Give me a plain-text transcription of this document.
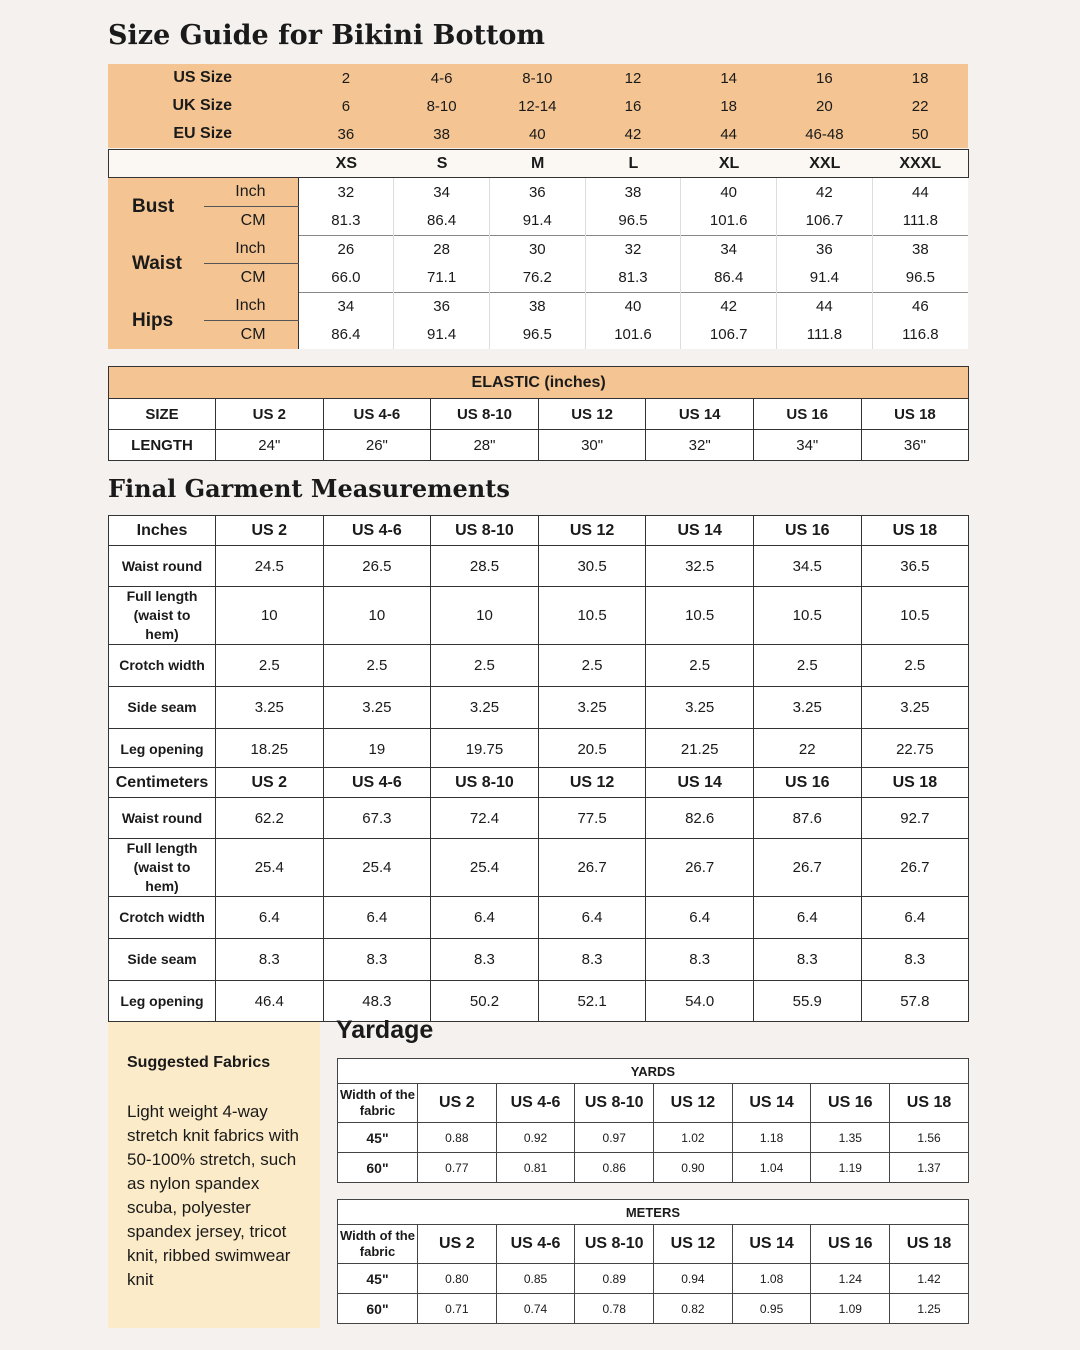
Size Guide for Bikini Bottom
US Size	2	4-6	8-10	12	14	16	18
UK Size	6	8-10	12-14	16	18	20	22
EU Size	36	38	40	42	44	46-48	50
	XS	S	M	L	XL	XXL	XXXL
Bust	Inch	32	34	36	38	40	42	44
	CM	81.3	86.4	91.4	96.5	101.6	106.7	111.8
Waist	Inch	26	28	30	32	34	36	38
	CM	66.0	71.1	76.2	81.3	86.4	91.4	96.5
Hips	Inch	34	36	38	40	42	44	46
	CM	86.4	91.4	96.5	101.6	106.7	111.8	116.8
ELASTIC (inches)							
SIZE	US 2	US 4-6	US 8-10	US 12	US 14	US 16	US 18
LENGTH	24"	26"	28"	30"	32"	34"	36"
Final Garment Measurements
Inches	US 2	US 4-6	US 8-10	US 12	US 14	US 16	US 18
Waist round	24.5	26.5	28.5	30.5	32.5	34.5	36.5
Full length (waist to hem)	10	10	10	10.5	10.5	10.5	10.5
Crotch width	2.5	2.5	2.5	2.5	2.5	2.5	2.5
Side seam	3.25	3.25	3.25	3.25	3.25	3.25	3.25
Leg opening	18.25	19	19.75	20.5	21.25	22	22.75
Centimeters	US 2	US 4-6	US 8-10	US 12	US 14	US 16	US 18
Waist round	62.2	67.3	72.4	77.5	82.6	87.6	92.7
Full length (waist to hem)	25.4	25.4	25.4	26.7	26.7	26.7	26.7
Crotch width	6.4	6.4	6.4	6.4	6.4	6.4	6.4
Side seam	8.3	8.3	8.3	8.3	8.3	8.3	8.3
Leg opening	46.4	48.3	50.2	52.1	54.0	55.9	57.8
Suggested Fabrics
Light weight 4-way stretch knit fabrics with 50-100% stretch, such as nylon spandex scuba, polyester spandex jersey, tricot knit, ribbed swimwear knit
Yardage
YARDS							
Width of the fabric	US 2	US 4-6	US 8-10	US 12	US 14	US 16	US 18
45"	0.88	0.92	0.97	1.02	1.18	1.35	1.56
60"	0.77	0.81	0.86	0.90	1.04	1.19	1.37
METERS							
Width of the fabric	US 2	US 4-6	US 8-10	US 12	US 14	US 16	US 18
45"	0.80	0.85	0.89	0.94	1.08	1.24	1.42
60"	0.71	0.74	0.78	0.82	0.95	1.09	1.25
